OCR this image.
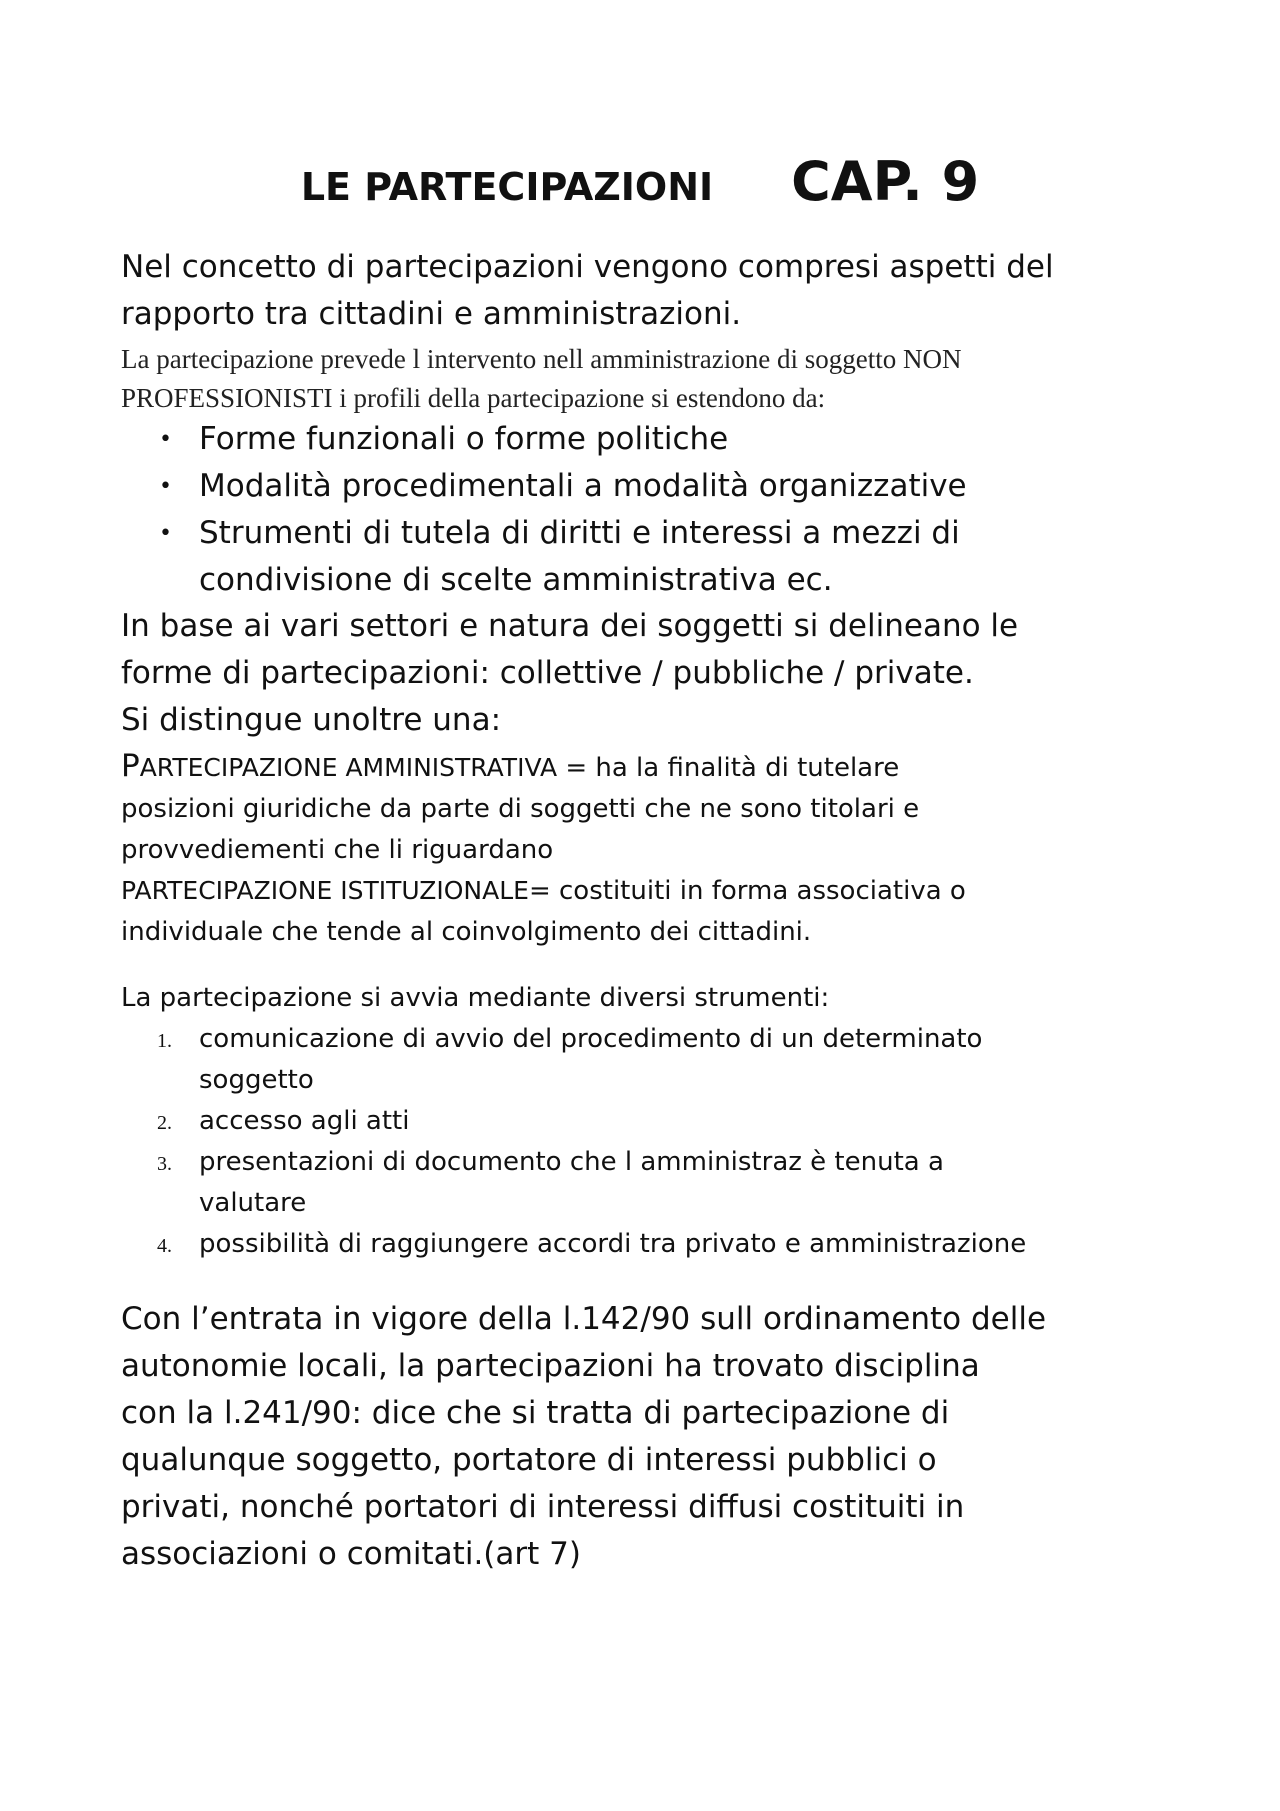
LE PARTECIPAZIONI CAP. 9

Nel concetto di partecipazioni vengono compresi aspetti del
rapporto tra cittadini e amministrazioni.

La partecipazione prevede l intervento nell amministrazione di soggetto NON
PROFESSIONISTI i profili della partecipazione si estendono da:

• Forme funzionali o forme politiche
• Modalità procedimentali a modalità organizzative
• Strumenti di tutela di diritti e interessi a mezzi di
condivisione di scelte amministrativa ec.

In base ai vari settori e natura dei soggetti si delineano le
forme di partecipazioni: collettive / pubbliche / private.
Si distingue unoltre una:

PARTECIPAZIONE AMMINISTRATIVA = ha la finalità di tutelare
posizioni giuridiche da parte di soggetti che ne sono titolari e
provvediementi che li riguardano

PARTECIPAZIONE ISTITUZIONALE= costituiti in forma associativa o
individuale che tende al coinvolgimento dei cittadini.

La partecipazione si avvia mediante diversi strumenti:

1. comunicazione di avvio del procedimento di un determinato
soggetto
2. accesso agli atti
3. presentazioni di documento che l amministraz è tenuta a
valutare
4. possibilità di raggiungere accordi tra privato e amministrazione

Con l’entrata in vigore della l.142/90 sull ordinamento delle
autonomie locali, la partecipazioni ha trovato disciplina
con la l.241/90: dice che si tratta di partecipazione di
qualunque soggetto, portatore di interessi pubblici o
privati, nonché portatori di interessi diffusi costituiti in
associazioni o comitati.(art 7)
